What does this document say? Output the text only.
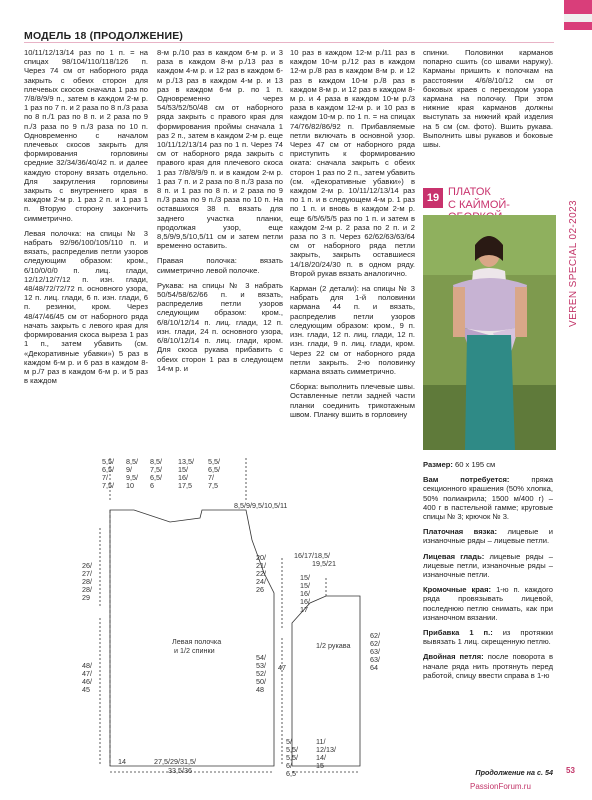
МОДЕЛЬ 18 (ПРОДОЛЖЕНИЕ)

10/11/12/13/14 раз по 1 п. = на спицах 98/104/110/118/126 п. Через 74 см от наборного ряда закрыть с обеих сторон для плечевых скосов сначала 1 раз по 7/8/8/9/9 п., затем в каждом 2-м р. 1 раз по 7 п. и 2 раза по 8 п./3 раза по 8 п./1 раз по 8 п. и 2 раза по 9 п./3 раза по 9 п./3 раза по 10 п. Одновременно с началом плечевых скосов закрыть для формирования горловины средние 32/34/36/40/42 п. и далее каждую сторону вязать отдельно. Для закругления горловины закрыть с внутреннего края в каждом 2-м р. 1 раз 2 п. и 1 раз 1 п. Вторую сторону закончить симметрично.

Левая полочка: на спицы № 3 набрать 92/96/100/105/110 п. и вязать, распределив петли узоров следующим образом: кром., 6/10/0/0/0 п. лиц. глади, 12/12/12/7/12 п. изн. глади, 48/48/72/72/72 п. основного узора, 12 п. лиц. глади, 6 п. изн. глади, 6 п. резинки, кром. Через 48/47/46/45 см от наборного ряда начать закрыть с левого края для формирования скоса выреза 1 раз 1 п., затем убавить (см. «Декоративные убавки») 5 раз в каждом 6-м р. и 6 раз в каждом 8-м р./7 раз в каждом 6-м р. и 5 раз в каждом

8-м р./10 раз в каждом 6-м р. и 3 раза в каждом 8-м р./13 раз в каждом 4-м р. и 12 раз в каждом 6-м р./13 раз в каждом 4-м р. и 13 раз в каждом 6-м р. по 1 п. Одновременно через 54/53/52/50/48 см от наборного ряда закрыть с правого края для формирования проймы сначала 1 раз 2 п., затем в каждом 2-м р. еще 10/11/12/13/14 раз по 1 п. Через 74 см от наборного ряда закрыть с правого края для плечевого скоса 1 раз 7/8/8/9/9 п. и в каждом 2-м р. 1 раз 7 п. и 2 раза по 8 п./3 раза по 8 п. и 1 раз по 8 п. и 2 раза по 9 п./3 раза по 9 п./3 раза по 10 п. На оставшихся 38 п. вязать для заднего участка планки, продолжая узор, еще 8,5/9/9,5/10,5/11 см и затем петли временно оставить.

Правая полочка: вязать симметрично левой полочке.

Рукава: на спицы № 3 набрать 50/54/58/62/66 п. и вязать, распределив петли узоров следующим образом: кром., 6/8/10/12/14 п. лиц. глади, 12 п. изн. глади, 24 п. основного узора, 6/8/10/12/14 п. лиц. глади, кром. Для скоса рукава прибавить с обеих сторон 1 раз в следующем 14-м р. и

10 раз в каждом 12-м р./11 раз в каждом 10-м р./12 раз в каждом 12-м р./8 раз в каждом 8-м р. и 12 раз в каждом 10-м р./8 раз в каждом 8-м р. и 12 раз в каждом 8-м р. и 4 раза в каждом 10-м р./3 раза в каждом 12-м р. и 10 раз в каждом 10-м р. по 1 п. = на спицах 74/76/82/86/92 п. Прибавляемые петли включать в основной узор. Через 47 см от наборного ряда приступить к формированию оката: сначала закрыть с обеих сторон 1 раз по 2 п., затем убавить (см. «Декоративные убавки») в каждом 2-м р. 10/11/12/13/14 раз по 1 п. и в следующем 4-м р. 1 раз по 1 п. и вновь в каждом 2-м р. еще 6/5/6/5/5 раз по 1 п. и затем в каждом 2-м р. 2 раза по 2 п. и 2 раза по 3 п. Через 62/62/63/63/64 см от наборного ряда петли закрыть, закрыть оставшиеся 14/18/20/24/30 п. в одном ряду. Второй рукав вязать аналогично.

Карман (2 детали): на спицы № 3 набрать для 1-й половинки кармана 44 п. и вязать, распределив петли узоров следующим образом: кром., 9 п. изн. глади, 12 п. лиц. глади, 12 п. изн. глади, 9 п. лиц. глади, кром. Через 22 см от наборного ряда петли закрыть. 2-ю половинку кармана вязать симметрично.

Сборка: выполнить плечевые швы. Оставленные петли задней части планки соединить трикотажным швом. Планку вшить в горловину

спинки. Половинки карманов попарно сшить (со швами наружу). Карманы пришить к полочкам на расстоянии 4/6/8/10/12 см от боковых краев с переходом узора кармана на полочку. При этом нижние края карманов должны выступать за нижний край изделия на 5 см (см. фото). Вшить рукава. Выполнить швы рукавов и боковые швы.

19 ПЛАТОК
С КАЙМОЙ-

Размер: 60 х 195 см

Вам потребуется: пряжа секционного крашения (50% хлопка, 50% полиакрила; 1500 м/400 г) – 400 г в пастельной гамме; круговые спицы № 3; крючок № 3.

Платочная вязка: лицевые и изнаночные ряды – лицевые петли.

Лицевая гладь: лицевые ряды – лицевые петли, изнаночные ряды – изнаночные петли.

Кромочные края: 1-ю п. каждого ряда провязывать лицевой, последнюю петлю снимать, как при изнаночном вязании.

Прибавка 1 п.: из протяжки вывязать 1 лиц. скрещенную петлю.

Двойная петля: после поворота в начале ряда нить протянуть перед работой, спицу ввести справа в 1-ю

Продолжение на с. 54 53
PassionForum.ru
VEREN SPECIAL 02-2023
5,5/
6,5/
7/
7,5/
8,5/
9/
9,5/
10
8,5/
7,5/
6,5/
6
13,5/
15/
16/
17,5
5,5/
6,5/
7/
7,5
8,5/9/9,5/10,5/11
26/
27/
28/
28/
29
48/
47/
46/
45
Левая полочка
и 1/2 спинки
20/
21/
22/
24/
26
54/
53/
52/
50/
48
14	27,5/29/31,5/
33,5/36
16/17/18,5/
19,5/21
15/
15/
16/
16/
17
1/2 рукава
62/
62/
63/
63/
64
47
5/
5,5/
5,5/
6/
6,5
11/
12/13/
14/
15
